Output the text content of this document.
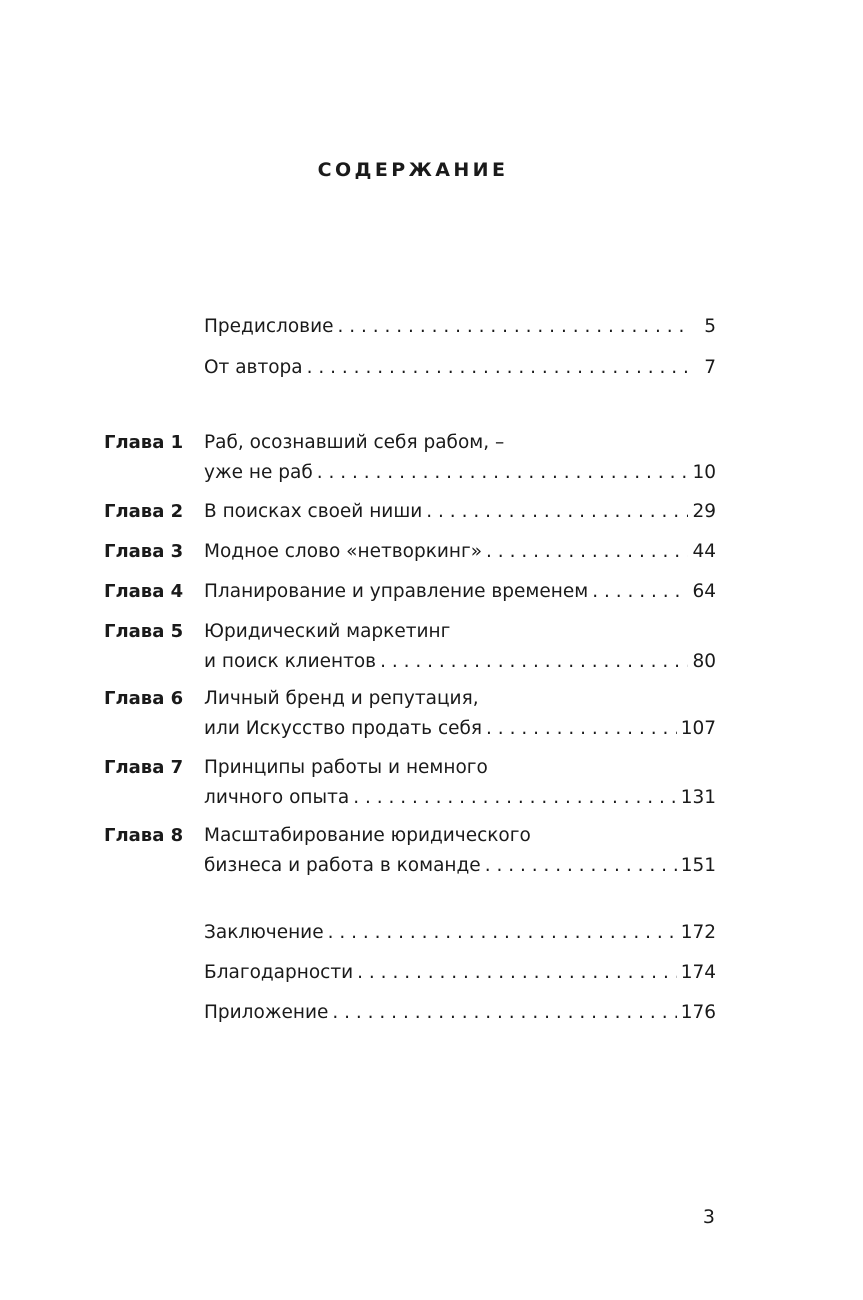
СОДЕРЖАНИЕ
Предисловие . . .	5
От автора . . .	7
Глава 1	Раб, осознавший себя рабом, –
уже не раб . . .	10
Глава 2	В поисках своей ниши . . .	29
Глава 3	Модное слово «нетворкинг» . . .	44
Глава 4	Планирование и управление временем . . .	64
Глава 5	Юридический маркетинг
и поиск клиентов . . .	80
Глава 6	Личный бренд и репутация,
или Искусство продать себя . . .	107
Глава 7	Принципы работы и немного
личного опыта . . .	131
Глава 8	Масштабирование юридического
бизнеса и работа в команде . . .	151
Заключение . . .	172
Благодарности . . .	174
Приложение . . .	176
3
